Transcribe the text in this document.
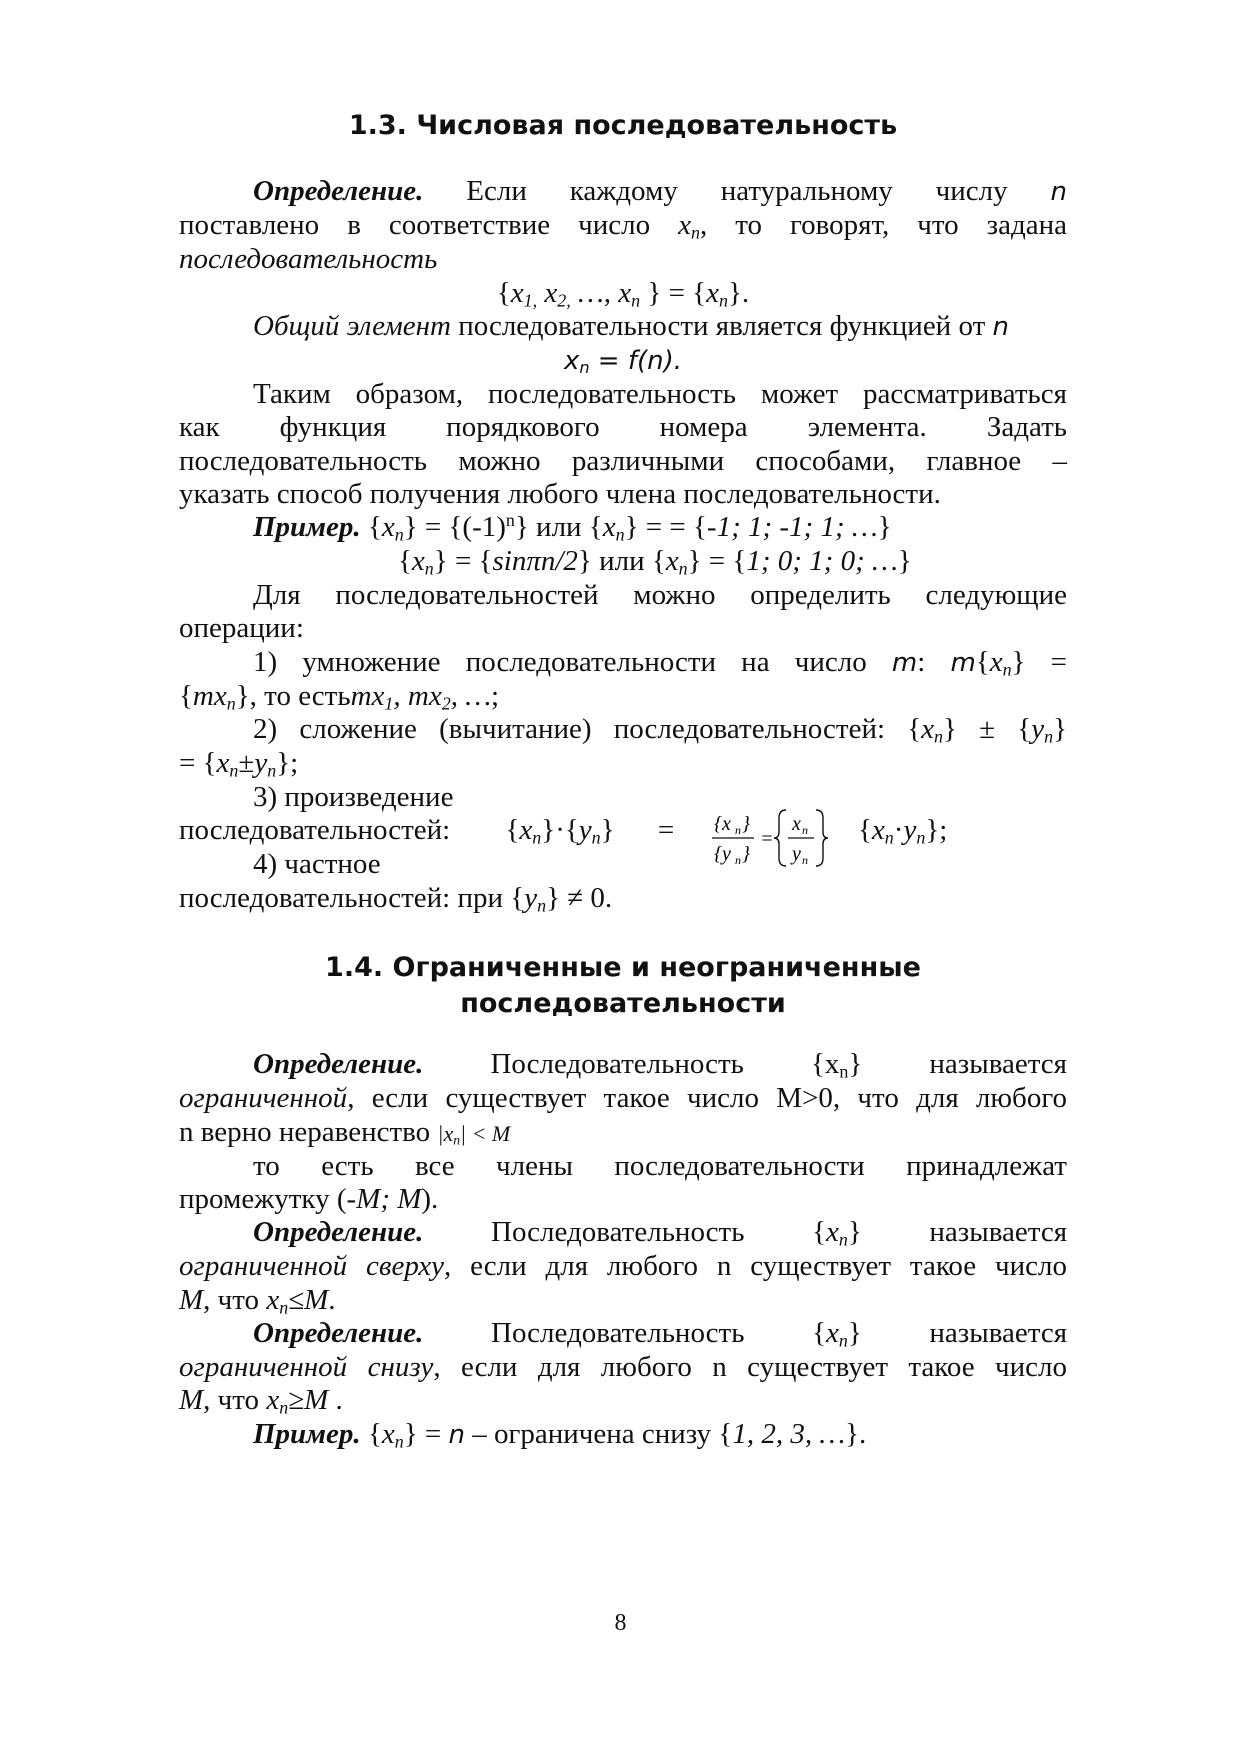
1.3. Числовая последовательность
Определение. Если каждому натуральному числу n
поставлено в соответствие число $x_n$, то говорят, что задана
последовательность
{$x_{1,}$ $x_{2,}$ …, $x_n$ } = $\{x_n\}$.
Общий элемент последовательности является функцией от n
$x_n = f(n)$.
Таким образом, последовательность может рассматриваться
как функция порядкового номера элемента. Задать
последовательность можно различными способами, главное –
указать способ получения любого члена последовательности.
Пример. $\{x_n\} = \{(-1)^n\}$ или $\{x_n\}$ = = {-1; 1; -1; 1; …}
$\{x_n\} = \{\sin\pi n/2\}$ или $\{x_n\} = \{1$; 0; 1; 0; …}
Для последовательностей можно определить следующие
операции:
1) умножение последовательности на число m: $m\{x_n\}$ =
$\{mx_n\}$, то естьmx$_1$, $mx_2$, …;
2) сложение (вычитание) последовательностей: $\{x_n\} \pm \{y_n\}$
= $\{x_n\pm y_n\}$;
3) произведение
последовательностей: $\{x_n\}\cdot\{y_n\}$ =	{x n }
{y n }
=
x n
y n
$\{x_n\cdot y_n\}$;
4) частное
последовательностей: при $\{y_n\} \ne 0$.
1.4. Ограниченные и неограниченные
последовательности
Определение. Последовательность $\{x_n\}$ называется
ограниченной, если существует такое число M>0, что для любого
n верно неравенство $|x_n| < M$
то есть все члены последовательности принадлежат
промежутку (-M; M).
Определение. Последовательность $\{x_n\}$ называется
ограниченной сверху, если для любого n существует такое число
M, что $x_n\le M$.
Определение. Последовательность $\{x_n\}$ называется
ограниченной снизу, если для любого n существует такое число
M, что $x_n\ge M$ .
Пример. $\{x_n\} = n$ – ограничена снизу {1, 2, 3, …}.
8
